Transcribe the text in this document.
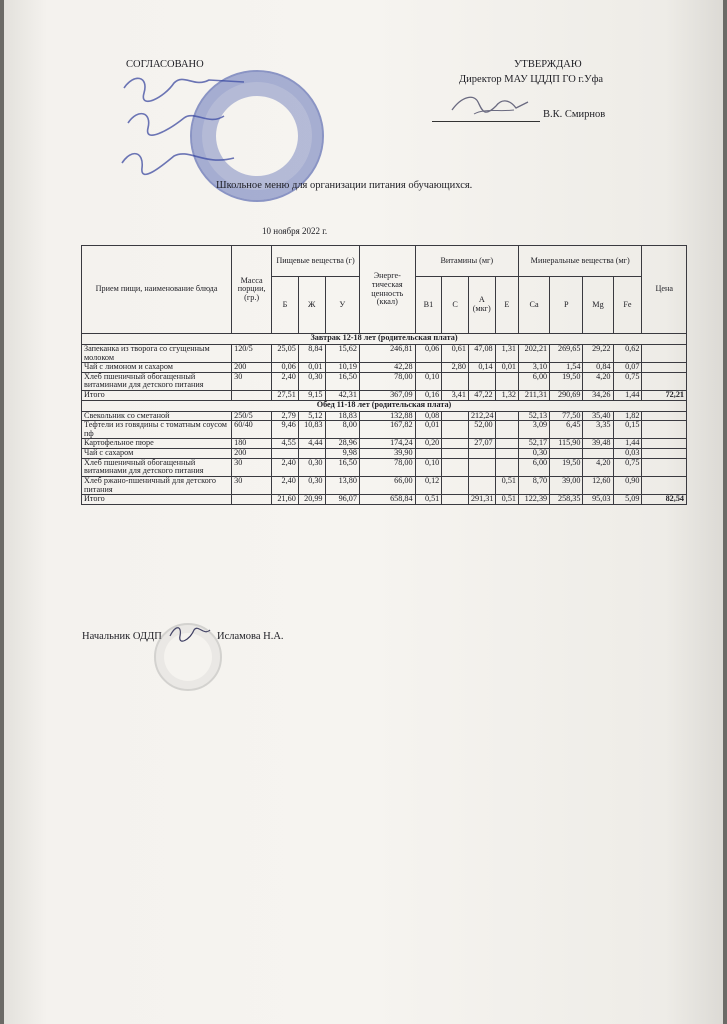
СОГЛАСОВАНО	УТВЕРЖДАЮ
Директор МАУ ЦДДП ГО г.Уфа
В.К. Смирнов
Школьное меню для организации питания обучающихся.
10 ноября 2022 г.
Прием пищи, наименование блюда	Масса порции, (гр.)	Пищевые вещества (г)			Энерге-тическая ценность (ккал)	Витамины (мг)				Минеральные вещества (мг)				Цена
		Б	Ж	У		В1	С	А (мкг)	Е	Са	Р	Mg	Fe	
Завтрак 12-18 лет (родительская плата)														
Запеканка из творога со сгущенным молоком	120/5	25,05	8,84	15,62	246,81	0,06	0,61	47,08	1,31	202,21	269,65	29,22	0,62	
Чай с лимоном и сахаром	200	0,06	0,01	10,19	42,28		2,80	0,14	0,01	3,10	1,54	0,84	0,07	
Хлеб пшеничный обогащенный витаминами для детского питания	30	2,40	0,30	16,50	78,00	0,10				6,00	19,50	4,20	0,75	
Итого		27,51	9,15	42,31	367,09	0,16	3,41	47,22	1,32	211,31	290,69	34,26	1,44	72,21
Обед 11-18 лет (родительская плата)														
Свекольник со сметаной	250/5	2,79	5,12	18,83	132,88	0,08		212,24		52,13	77,50	35,40	1,82	
Тефтели из говядины с томатным соусом пф	60/40	9,46	10,83	8,00	167,82	0,01		52,00		3,09	6,45	3,35	0,15	
Картофельное пюре	180	4,55	4,44	28,96	174,24	0,20		27,07		52,17	115,90	39,48	1,44	
Чай с сахаром	200			9,98	39,90					0,30			0,03	
Хлеб пшеничный обогащенный витаминами для детского питания	30	2,40	0,30	16,50	78,00	0,10				6,00	19,50	4,20	0,75	
Хлеб ржано-пшеничный для детского питания	30	2,40	0,30	13,80	66,00	0,12			0,51	8,70	39,00	12,60	0,90	
Итого		21,60	20,99	96,07	658,84	0,51		291,31	0,51	122,39	258,35	95,03	5,09	82,54
Начальник ОДДП	Исламова Н.А.
